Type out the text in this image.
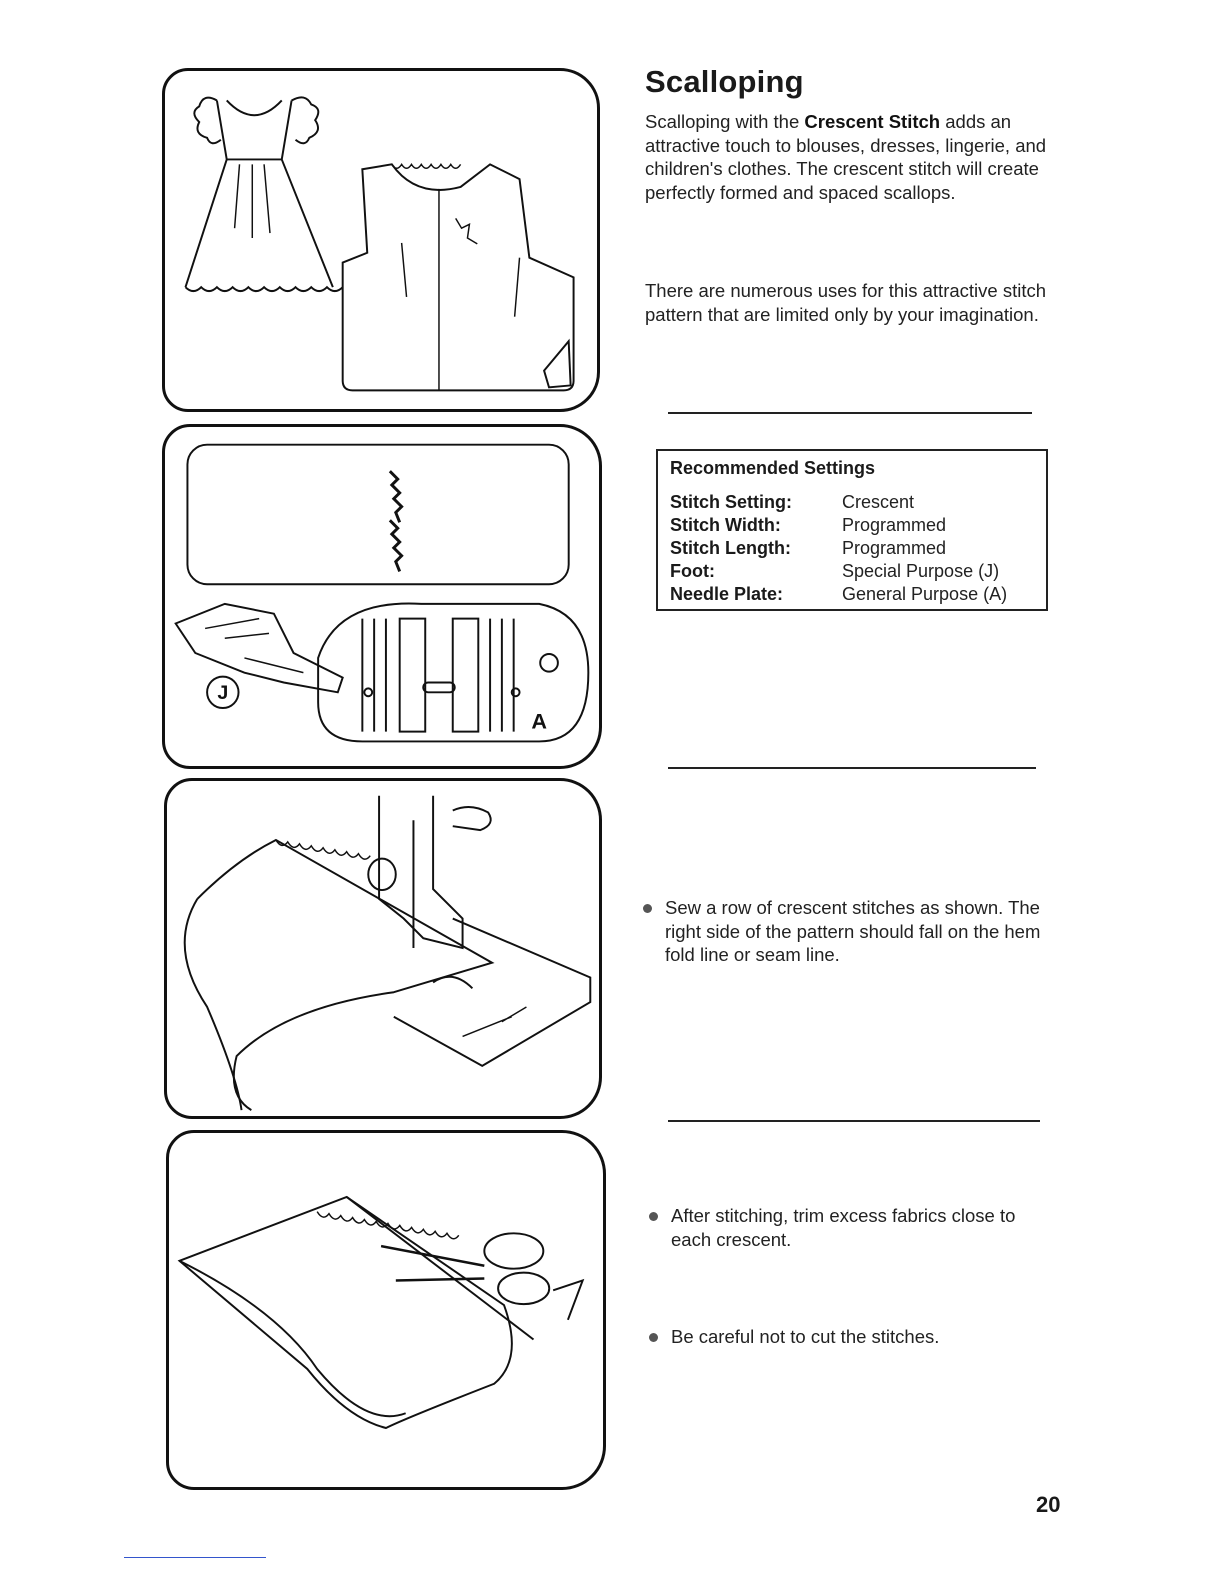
J
A
Scalloping

Scalloping with the Crescent Stitch adds an attractive touch to blouses, dresses, lingerie, and children's clothes. The crescent stitch will create perfectly formed and spaced scallops.

There are numerous uses for this attractive stitch pattern that are limited only by your imagination.

Recommended Settings

Stitch Setting:	Crescent
Stitch Width:	Programmed
Stitch Length:	Programmed
Foot:	Special Purpose (J)
Needle Plate:	General Purpose (A)

Sew a row of crescent stitches as shown. The right side of the pattern should fall on the hem fold line or seam line.

After stitching, trim excess fabrics close to each crescent.

Be careful not to cut the stitches.

20
